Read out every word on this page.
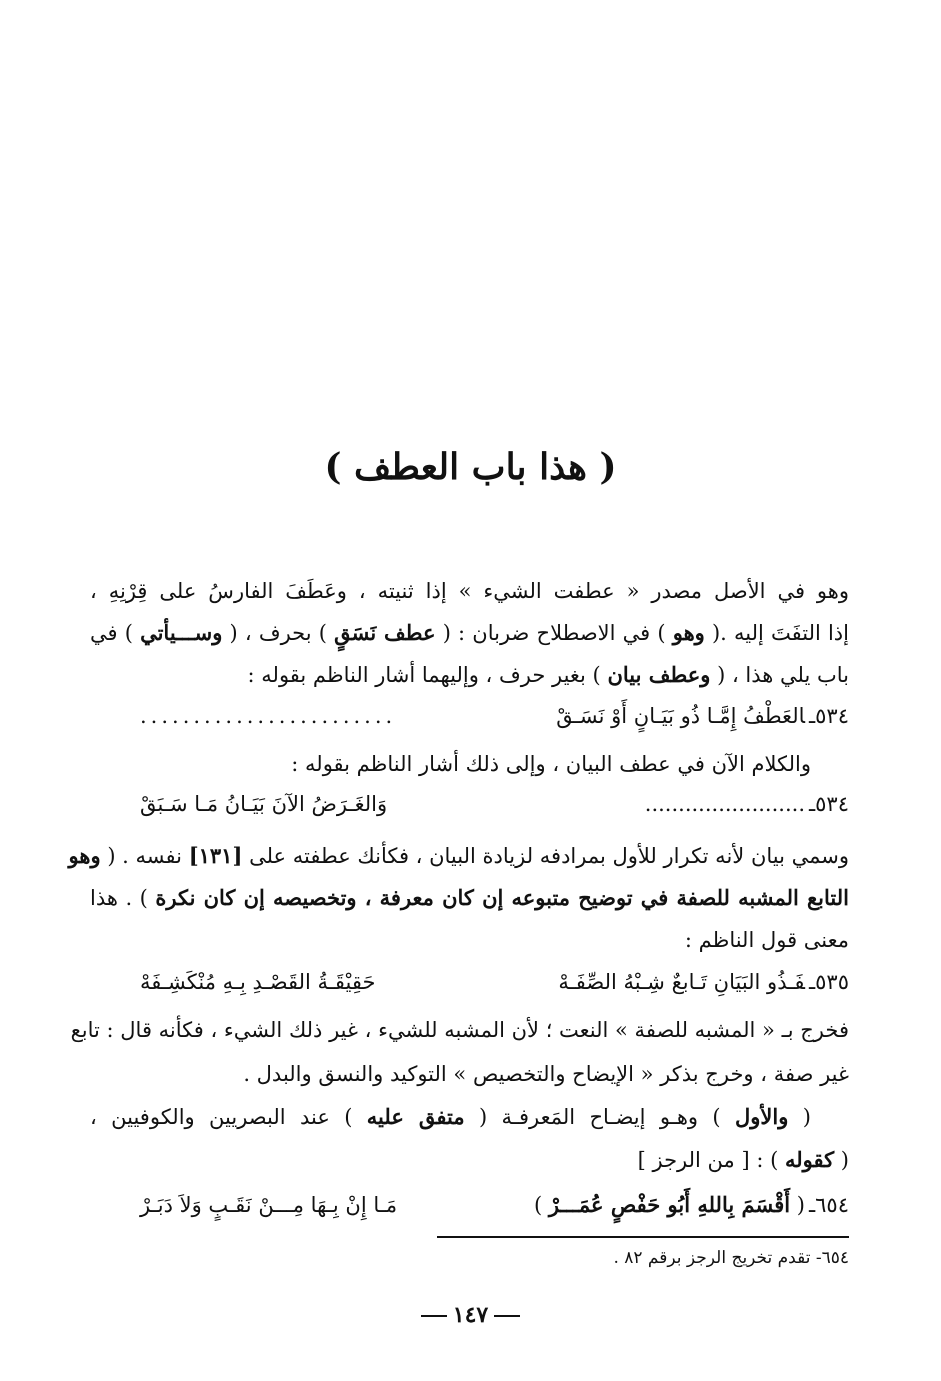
( هذا باب العطف )
وهو في الأصل مصدر « عطفت الشيء » إذا ثنيته ، وعَطَفَ الفارسُ على قِرْنِهِ ،
إذا التفَتَ إليه .( وهو ) في الاصطلاح ضربان : ( عطف نَسَقٍ ) بحرف ، ( وســـيأتي ) في
باب يلي هذا ، ( وعطف بيان ) بغير حرف ، وإليهما أشار الناظم بقوله :
٥٣٤ـالعَطْفُ إِمَّـا ذُو بَيَـانٍ أَوْ نَسَـقْ
........................
والكلام الآن في عطف البيان ، وإلى ذلك أشار الناظم بقوله :
٥٣٤ـ........................
وَالغَـرَضُ الآنَ بَيَـانُ مَـا سَـبَقْ
وسمي بيان لأنه تكرار للأول بمرادفه لزيادة البيان ، فكأنك عطفته على [١٣١] نفسه . ( وهو
التابع المشبه للصفة في توضيح متبوعه إن كان معرفة ، وتخصيصه إن كان نكرة ) . هذا
معنى قول الناظم :
٥٣٥ـفَـذُو البَيَانِ تَـابعٌ شِـبْهُ الصِّفَـهْ
حَقِيْقَـةُ القَصْـدِ بِـهِ مُنْكَشِـفَهْ
فخرج بـ « المشبه للصفة » النعت ؛ لأن المشبه للشيء ، غير ذلك الشيء ، فكأنه قال : تابع
غير صفة ، وخرج بذكر « الإيضاح والتخصيص » التوكيد والنسق والبدل .
( والأول ) وهـو إيضـاح المَعرفـة ( متفق عليه ) عند البصريين والكوفيين ،
( كقوله ) : [ من الرجز ]
٦٥٤ـ( أَقْسَمَ بِاللهِ أَبُو حَفْصٍ عُمَـــرْ )
مَـا إِنْ بِـهَا مِـــنْ نَقَـبٍ وَلاَ دَبَـرْ
٦٥٤- تقدم تخريج الرجز برقم ٨٢ .
١٤٧
